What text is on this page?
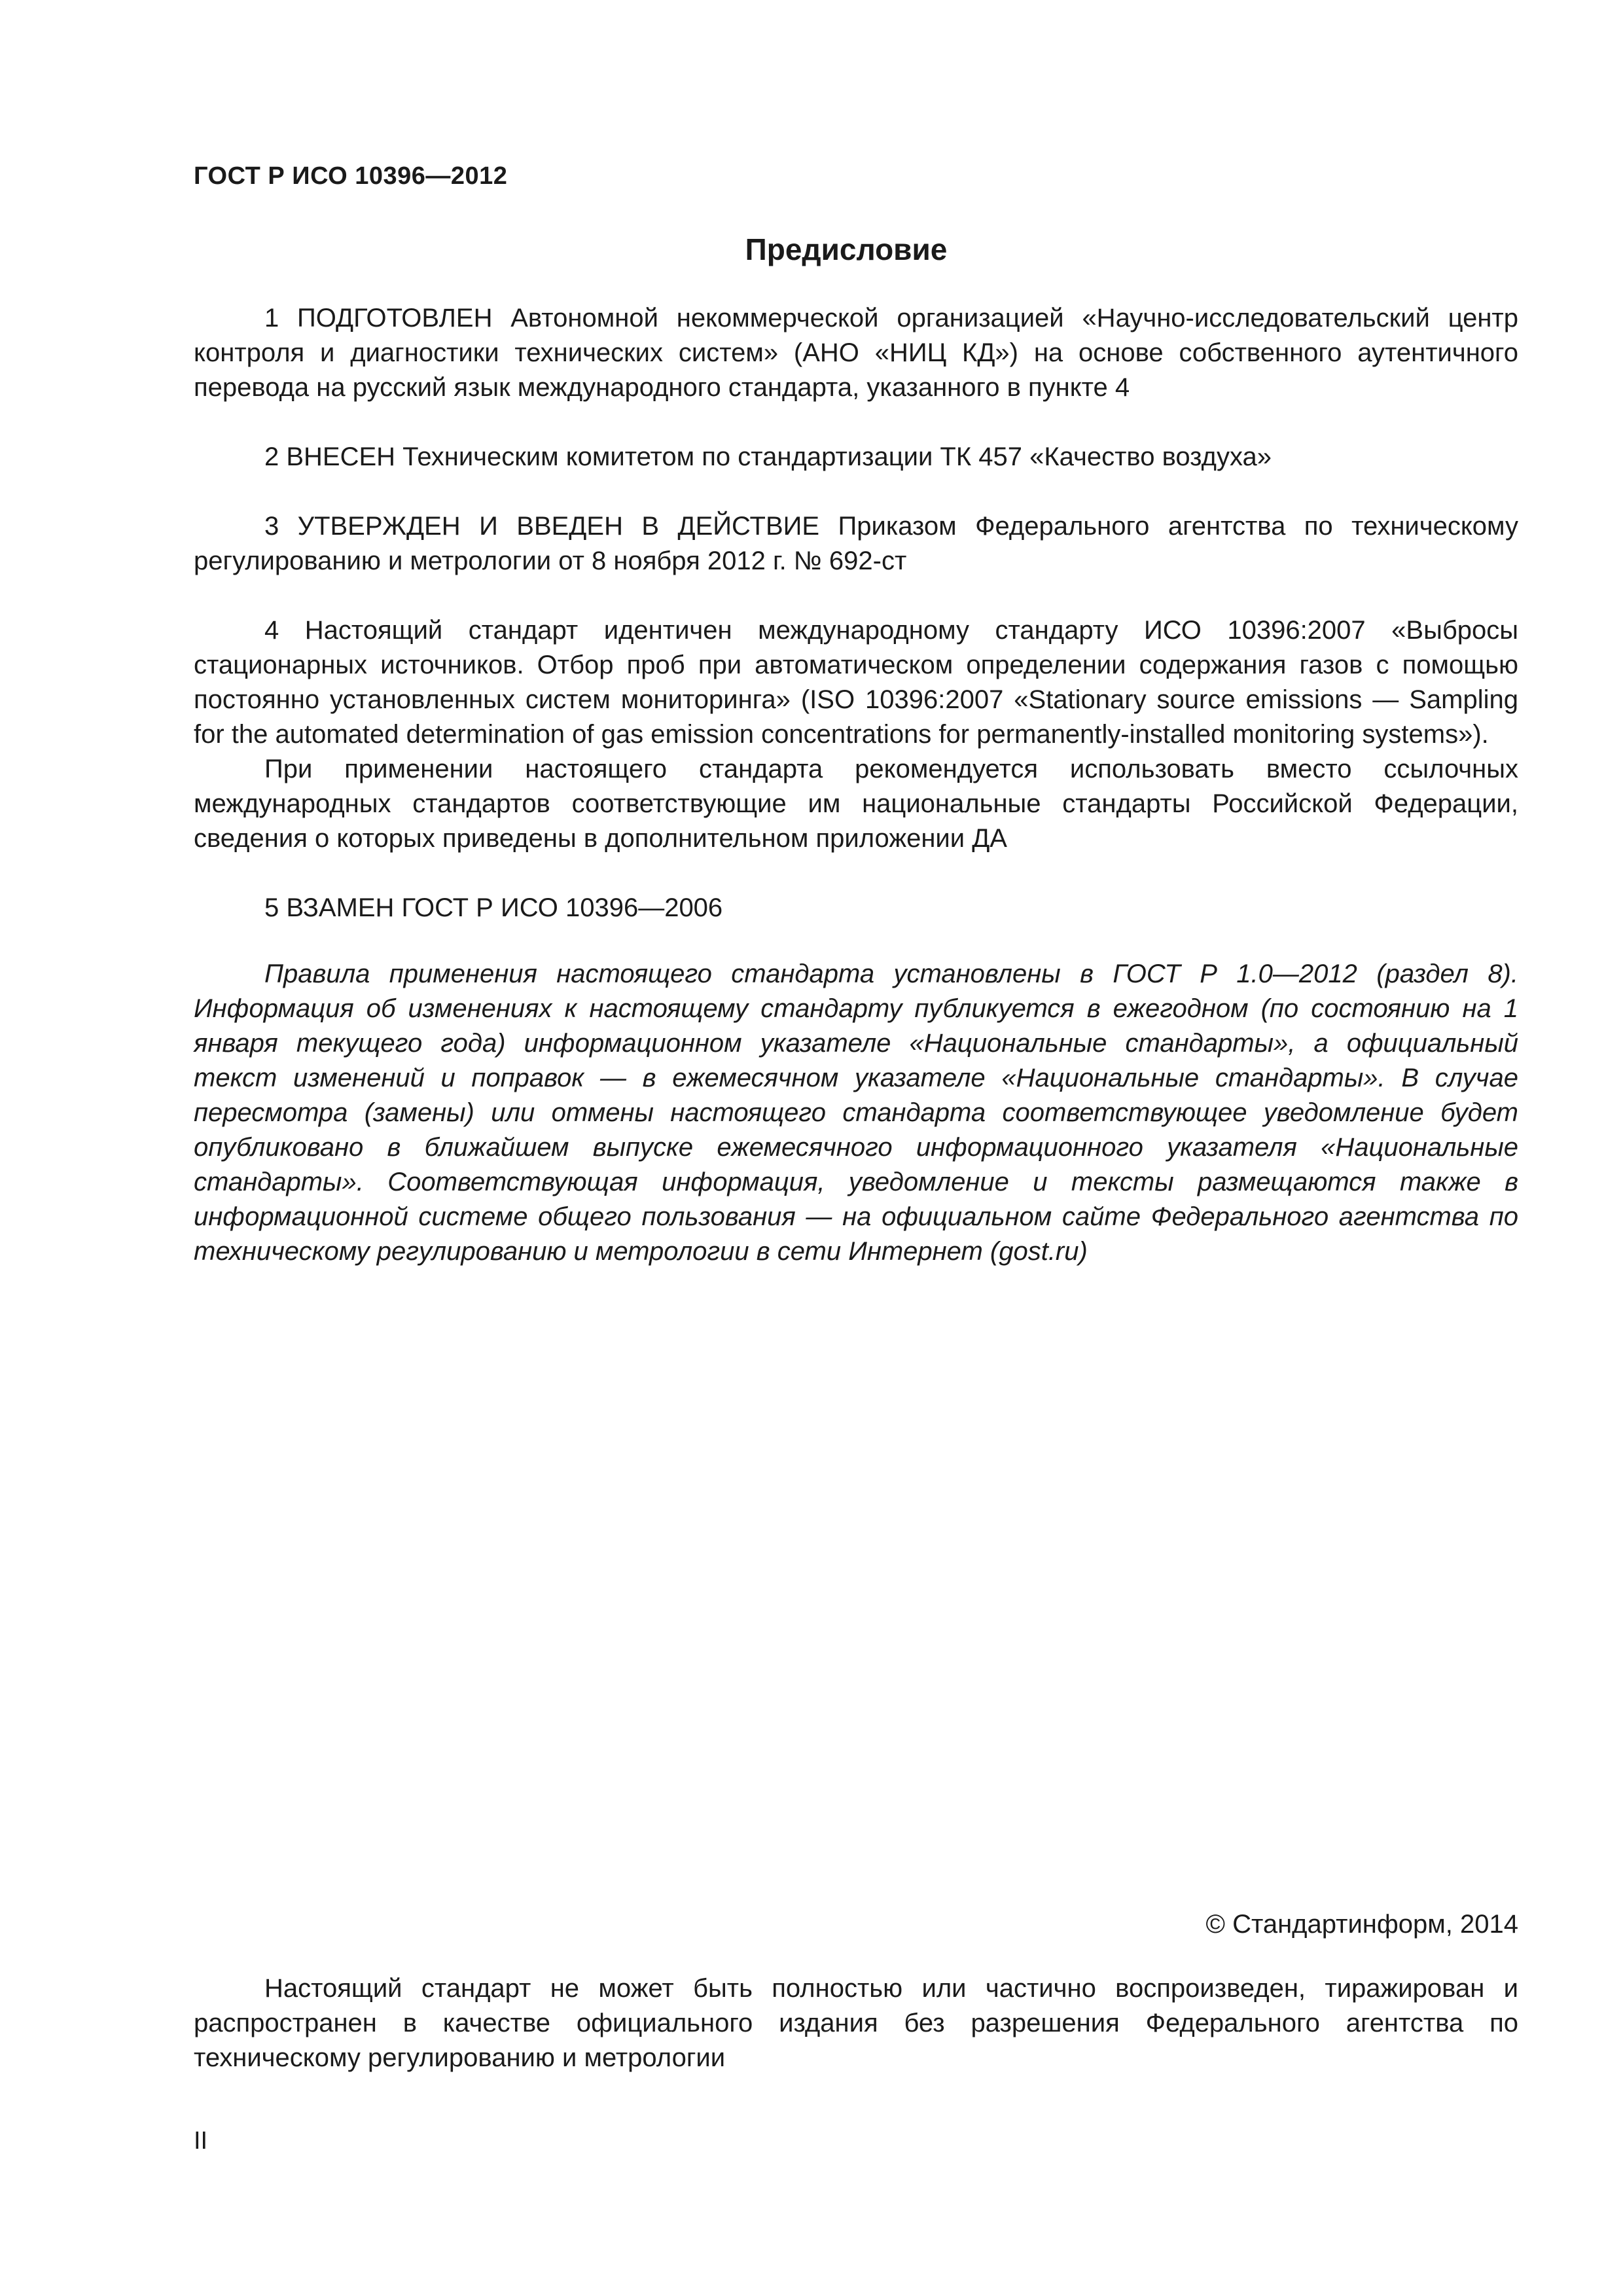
ГОСТ Р ИСО 10396—2012
Предисловие

1 ПОДГОТОВЛЕН Автономной некоммерческой организацией «Научно-исследовательский центр контроля и диагностики технических систем» (АНО «НИЦ КД») на основе собственного аутентичного перевода на русский язык международного стандарта, указанного в пункте 4

2 ВНЕСЕН Техническим комитетом по стандартизации ТК 457 «Качество воздуха»

3 УТВЕРЖДЕН И ВВЕДЕН В ДЕЙСТВИЕ Приказом Федерального агентства по техническому регулированию и метрологии от 8 ноября 2012 г. № 692-ст

4 Настоящий стандарт идентичен международному стандарту ИСО 10396:2007 «Выбросы стационарных источников. Отбор проб при автоматическом определении содержания газов с помощью постоянно установленных систем мониторинга» (ISO 10396:2007 «Stationary source emissions — Sampling for the automated determination of gas emission concentrations for permanently-installed monitoring systems»).

При применении настоящего стандарта рекомендуется использовать вместо ссылочных международных стандартов соответствующие им национальные стандарты Российской Федерации, сведения о которых приведены в дополнительном приложении ДА

5 ВЗАМЕН ГОСТ Р ИСО 10396—2006

Правила применения настоящего стандарта установлены в ГОСТ Р 1.0—2012 (раздел 8). Информация об изменениях к настоящему стандарту публикуется в ежегодном (по состоянию на 1 января текущего года) информационном указателе «Национальные стандарты», а официальный текст изменений и поправок — в ежемесячном указателе «Национальные стандарты». В случае пересмотра (замены) или отмены настоящего стандарта соответствующее уведомление будет опубликовано в ближайшем выпуске ежемесячного информационного указателя «Национальные стандарты». Соответствующая информация, уведомление и тексты размещаются также в информационной системе общего пользования — на официальном сайте Федерального агентства по техническому регулированию и метрологии в сети Интернет (gost.ru)

© Стандартинформ, 2014

Настоящий стандарт не может быть полностью или частично воспроизведен, тиражирован и распространен в качестве официального издания без разрешения Федерального агентства по техническому регулированию и метрологии

II
